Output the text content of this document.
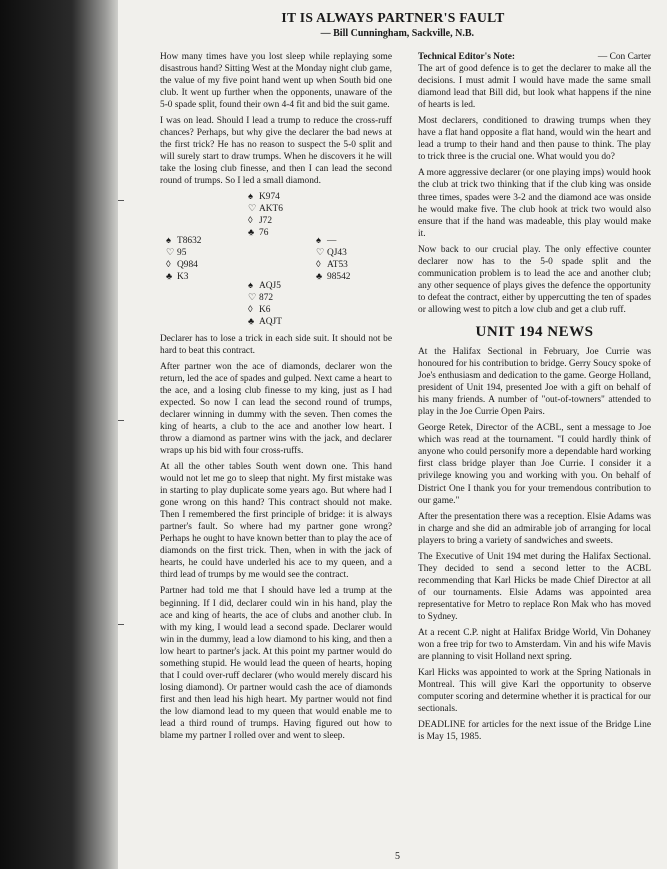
IT IS ALWAYS PARTNER'S FAULT
— Bill Cunningham, Sackville, N.B.

How many times have you lost sleep while replaying some disastrous hand? Sitting West at the Monday night club game, the value of my five point hand went up when South bid one club. It went up further when the opponents, unaware of the 5-0 spade split, found their own 4-4 fit and bid the suit game.

I was on lead. Should I lead a trump to reduce the cross-ruff chances? Perhaps, but why give the declarer the bad news at the first trick? He has no reason to suspect the 5-0 split and will surely start to draw trumps. When he discovers it he will take the losing club finesse, and then I can lead the second round of trumps. So I led a small diamond.

♠ K974
♡ AKT6
◊ J72
♣ 76
♠ T8632
♡ 95
◊ Q984
♣ K3
♠ —
♡ QJ43
◊ AT53
♣ 98542
♠ AQJ5
♡ 872
◊ K6
♣ AQJT

Declarer has to lose a trick in each side suit. It should not be hard to beat this contract.

After partner won the ace of diamonds, declarer won the return, led the ace of spades and gulped. Next came a heart to the ace, and a losing club finesse to my king, just as I had expected. So now I can lead the second round of trumps, declarer winning in dummy with the seven. Then comes the king of hearts, a club to the ace and another low heart. I throw a diamond as partner wins with the jack, and declarer wraps up his bid with four cross-ruffs.

At all the other tables South went down one. This hand would not let me go to sleep that night. My first mistake was in starting to play duplicate some years ago. But where had I gone wrong on this hand? This contract should not make. Then I remembered the first principle of bridge: it is always partner's fault. So where had my partner gone wrong? Perhaps he ought to have known better than to play the ace of diamonds on the first trick. Then, when in with the jack of hearts, he could have underled his ace to my queen, and a third lead of trumps by me would see the contract.

Partner had told me that I should have led a trump at the beginning. If I did, declarer could win in his hand, play the ace and king of hearts, the ace of clubs and another club. In with my king, I would lead a second spade. Declarer would win in the dummy, lead a low diamond to his king, and then a low heart to partner's jack. At this point my partner would do something stupid. He would lead the queen of hearts, hoping that I could over-ruff declarer (who would merely discard his losing diamond). Or partner would cash the ace of diamonds first and then lead his high heart. My partner would not find the low diamond lead to my queen that would enable me to lead a third round of trumps. Having figured out how to blame my partner I rolled over and went to sleep.

Technical Editor's Note:	— Con Carter

The art of good defence is to get the declarer to make all the decisions. I must admit I would have made the same small diamond lead that Bill did, but look what happens if the nine of hearts is led.

Most declarers, conditioned to drawing trumps when they have a flat hand opposite a flat hand, would win the heart and lead a trump to their hand and then pause to think. The play to trick three is the crucial one. What would you do?

A more aggressive declarer (or one playing imps) would hook the club at trick two thinking that if the club king was onside three times, spades were 3-2 and the diamond ace was onside he would make five. The club hook at trick two would also ensure that if the hand was madeable, this play would make it.

Now back to our crucial play. The only effective counter declarer now has to the 5-0 spade split and the communication problem is to lead the ace and another club; any other sequence of plays gives the defence the opportunity to defeat the contract, either by uppercutting the ten of spades or allowing west to pitch a low club and get a club ruff.

UNIT 194 NEWS

At the Halifax Sectional in February, Joe Currie was honoured for his contribution to bridge. Gerry Soucy spoke of Joe's enthusiasm and dedication to the game. George Holland, president of Unit 194, presented Joe with a gift on behalf of his many friends. A number of "out-of-towners" attended to play in the Joe Currie Open Pairs.

George Retek, Director of the ACBL, sent a message to Joe which was read at the tournament. "I could hardly think of anyone who could personify more a dependable hard working first class bridge player than Joe Currie. I consider it a privilege knowing you and working with you. On behalf of District One I thank you for your tremendous contribution to our game."

After the presentation there was a reception. Elsie Adams was in charge and she did an admirable job of arranging for local players to bring a variety of sandwiches and sweets.

The Executive of Unit 194 met during the Halifax Sectional. They decided to send a second letter to the ACBL recommending that Karl Hicks be made Chief Director at all of our tournaments. Elsie Adams was appointed area representative for Metro to replace Ron Mak who has moved to Sydney.

At a recent C.P. night at Halifax Bridge World, Vin Dohaney won a free trip for two to Amsterdam. Vin and his wife Mavis are planning to visit Holland next spring.

Karl Hicks was appointed to work at the Spring Nationals in Montreal. This will give Karl the opportunity to observe computer scoring and determine whether it is practical for our sectionals.

DEADLINE for articles for the next issue of the Bridge Line is May 15, 1985.

5
